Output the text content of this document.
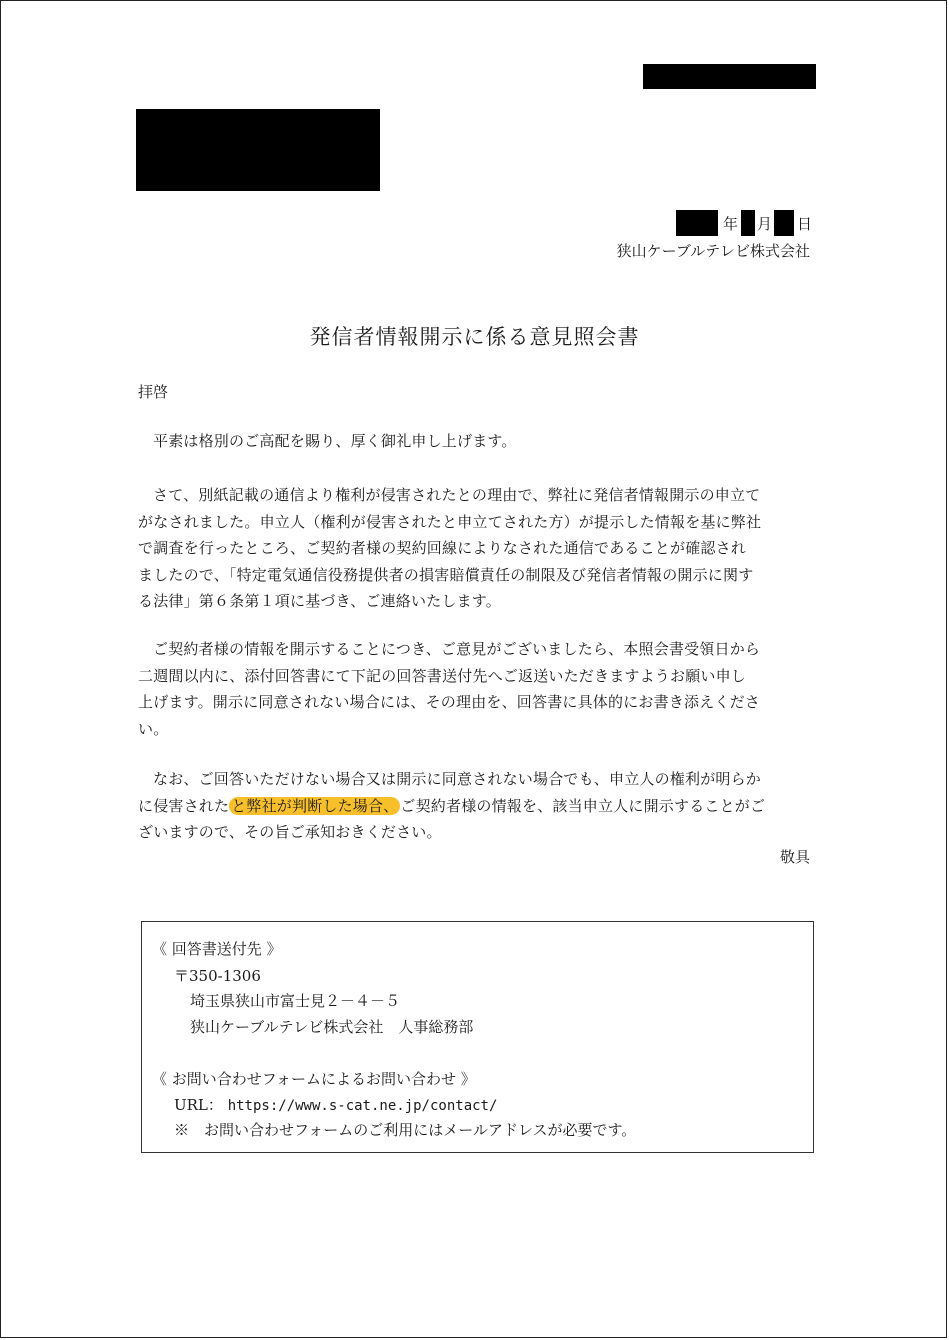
年 月 日
狭山ケーブルテレビ株式会社
発信者情報開示に係る意見照会書
拝啓
平素は格別のご高配を賜り、厚く御礼申し上げます。
さて、別紙記載の通信より権利が侵害されたとの理由で、弊社に発信者情報開示の申立て
がなされました。申立人（権利が侵害されたと申立てされた方）が提示した情報を基に弊社
で調査を行ったところ、ご契約者様の契約回線によりなされた通信であることが確認され
ましたので、「特定電気通信役務提供者の損害賠償責任の制限及び発信者情報の開示に関す
る法律」第６条第１項に基づき、ご連絡いたします。
ご契約者様の情報を開示することにつき、ご意見がございましたら、本照会書受領日から
二週間以内に、添付回答書にて下記の回答書送付先へご返送いただきますようお願い申し
上げます。開示に同意されない場合には、その理由を、回答書に具体的にお書き添えくださ
い。
なお、ご回答いただけない場合又は開示に同意されない場合でも、申立人の権利が明らか
に侵害された と弊社が判断した場合、 ご契約者様の情報を、該当申立人に開示することがご
ざいますので、その旨ご承知おきください。
敬具
《 回答書送付先 》
〒350-1306
埼玉県狭山市富士見２－４－５
狭山ケーブルテレビ株式会社　人事総務部
《 お問い合わせフォームによるお問い合わせ 》
URL： https://www.s-cat.ne.jp/contact/
※　お問い合わせフォームのご利用にはメールアドレスが必要です。
